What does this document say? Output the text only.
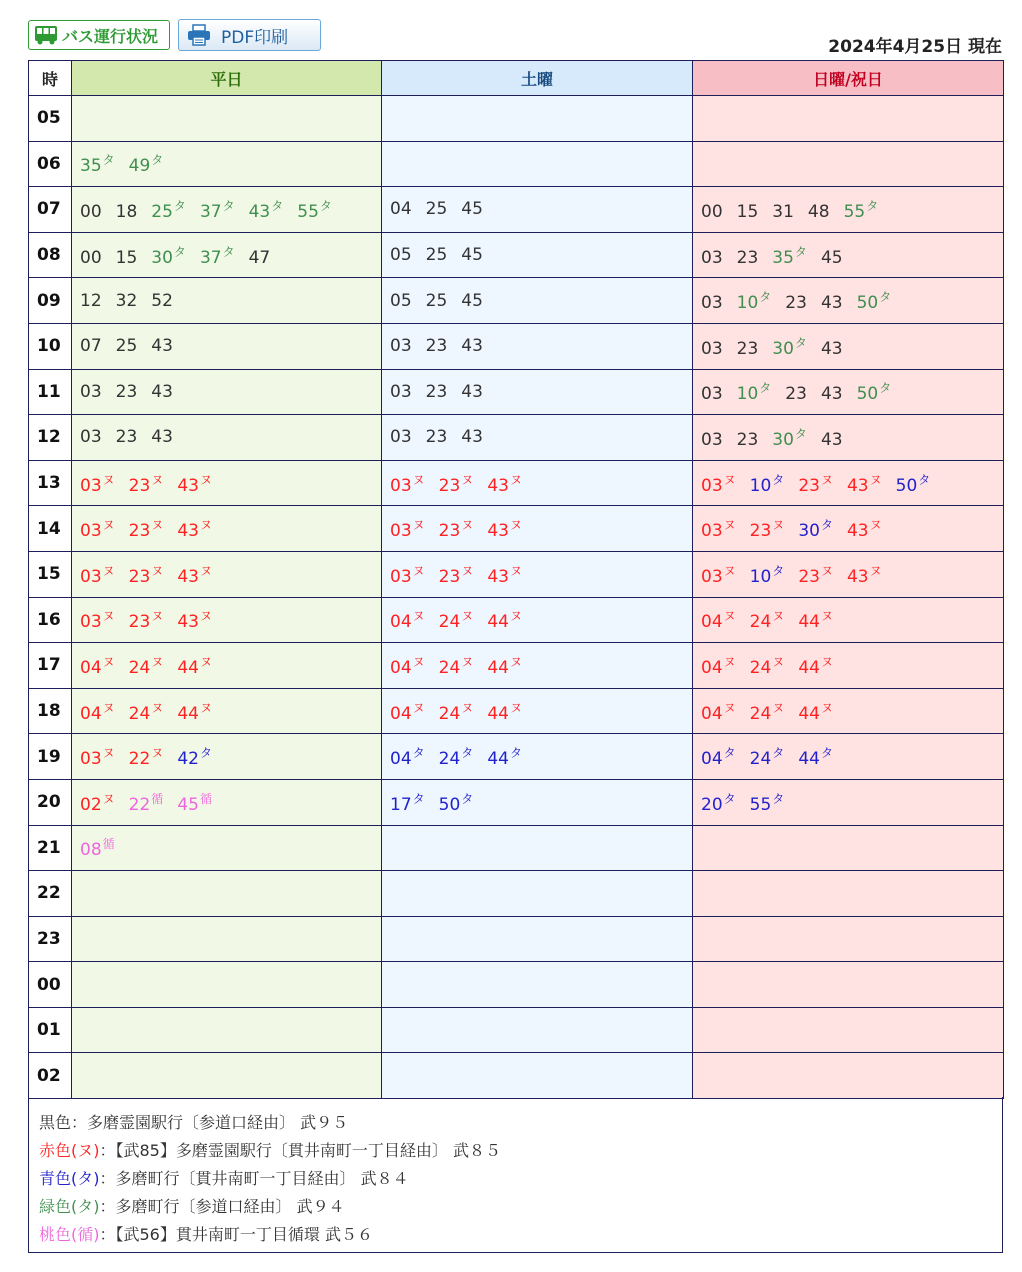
バス運行状況	PDF印刷	2024年4月25日 現在
時	平日	土曜	日曜/祝日
05			
06	$35^タ$ $49^タ$		
07	00 18 $25^タ$ $37^タ$ $43^タ$ $55^タ$	04 25 45	00 15 31 48 $55^タ$
08	00 15 $30^タ$ $37^タ$ 47	05 25 45	03 23 $35^タ$ 45
09	12 32 52	05 25 45	03 $10^タ$ 23 43 $50^タ$
10	07 25 43	03 23 43	03 23 $30^タ$ 43
11	03 23 43	03 23 43	03 $10^タ$ 23 43 $50^タ$
12	03 23 43	03 23 43	03 23 $30^タ$ 43
13	$03^ヌ$ $23^ヌ$ $43^ヌ$	$03^ヌ$ $23^ヌ$ $43^ヌ$	$03^ヌ$ $10^タ$ $23^ヌ$ $43^ヌ$ $50^タ$
14	$03^ヌ$ $23^ヌ$ $43^ヌ$	$03^ヌ$ $23^ヌ$ $43^ヌ$	$03^ヌ$ $23^ヌ$ $30^タ$ $43^ヌ$
15	$03^ヌ$ $23^ヌ$ $43^ヌ$	$03^ヌ$ $23^ヌ$ $43^ヌ$	$03^ヌ$ $10^タ$ $23^ヌ$ $43^ヌ$
16	$03^ヌ$ $23^ヌ$ $43^ヌ$	$04^ヌ$ $24^ヌ$ $44^ヌ$	$04^ヌ$ $24^ヌ$ $44^ヌ$
17	$04^ヌ$ $24^ヌ$ $44^ヌ$	$04^ヌ$ $24^ヌ$ $44^ヌ$	$04^ヌ$ $24^ヌ$ $44^ヌ$
18	$04^ヌ$ $24^ヌ$ $44^ヌ$	$04^ヌ$ $24^ヌ$ $44^ヌ$	$04^ヌ$ $24^ヌ$ $44^ヌ$
19	$03^ヌ$ $22^ヌ$ $42^タ$	$04^タ$ $24^タ$ $44^タ$	$04^タ$ $24^タ$ $44^タ$
20	$02^ヌ$ $22^循$ $45^循$	$17^タ$ $50^タ$	$20^タ$ $55^タ$
21	$08^循$		
22			
23			
00			
01			
02			
黒色：多磨霊園駅行〔参道口経由〕 武９５
赤色(ヌ)：【武85】多磨霊園駅行〔貫井南町一丁目経由〕 武８５
青色(タ)：多磨町行〔貫井南町一丁目経由〕 武８４
緑色(タ)：多磨町行〔参道口経由〕 武９４
桃色(循)：【武56】貫井南町一丁目循環 武５６
